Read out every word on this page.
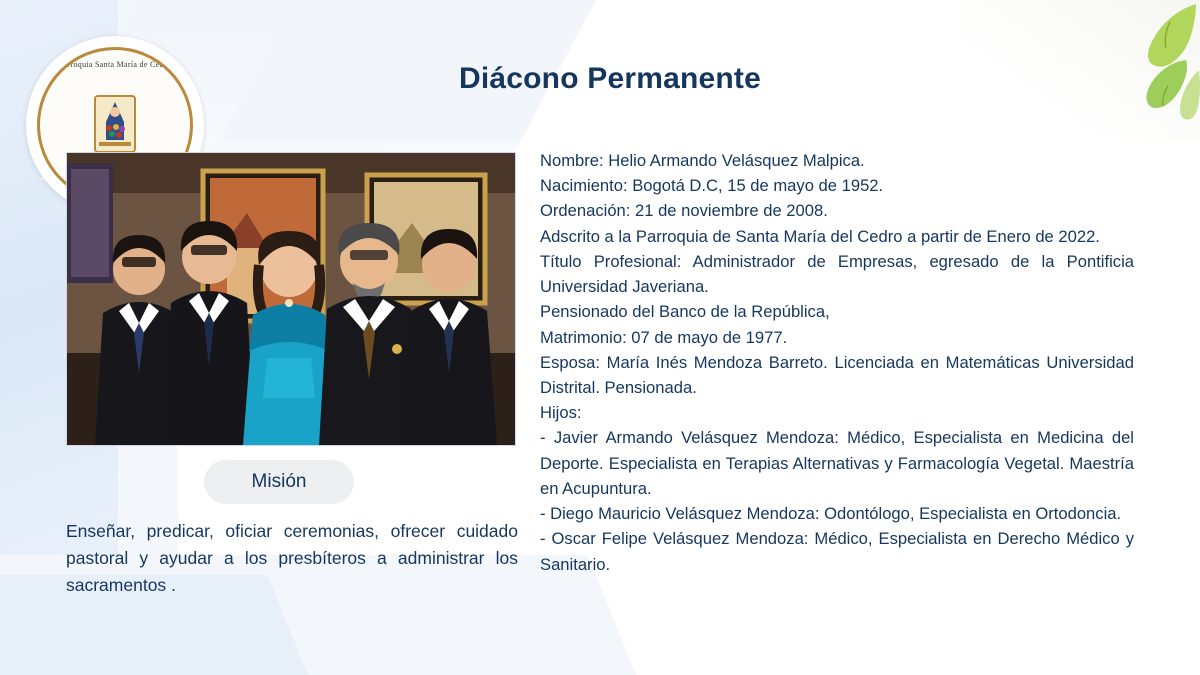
Parroquia Santa María de Cedro	Diácono Permanente
Misión
Enseñar, predicar, oficiar ceremonias, ofrecer cuidado pastoral y ayudar a los presbíteros a administrar los sacramentos .

Nombre: Helio Armando Velásquez Malpica.

Nacimiento: Bogotá D.C, 15 de mayo de 1952.

Ordenación: 21 de noviembre de 2008.

Adscrito a la Parroquia de Santa María del Cedro a partir de Enero de 2022.

Título Profesional: Administrador de Empresas, egresado de la Pontificia Universidad Javeriana.

Pensionado del Banco de la República,

Matrimonio: 07 de mayo de 1977.

Esposa: María Inés Mendoza Barreto. Licenciada en Matemáticas Universidad Distrital. Pensionada.

Hijos:

- Javier Armando Velásquez Mendoza: Médico, Especialista en Medicina del Deporte. Especialista en Terapias Alternativas y Farmacología Vegetal. Maestría en Acupuntura.

- Diego Mauricio Velásquez Mendoza: Odontólogo, Especialista en Ortodoncia.

- Oscar Felipe Velásquez Mendoza: Médico, Especialista en Derecho Médico y Sanitario.
